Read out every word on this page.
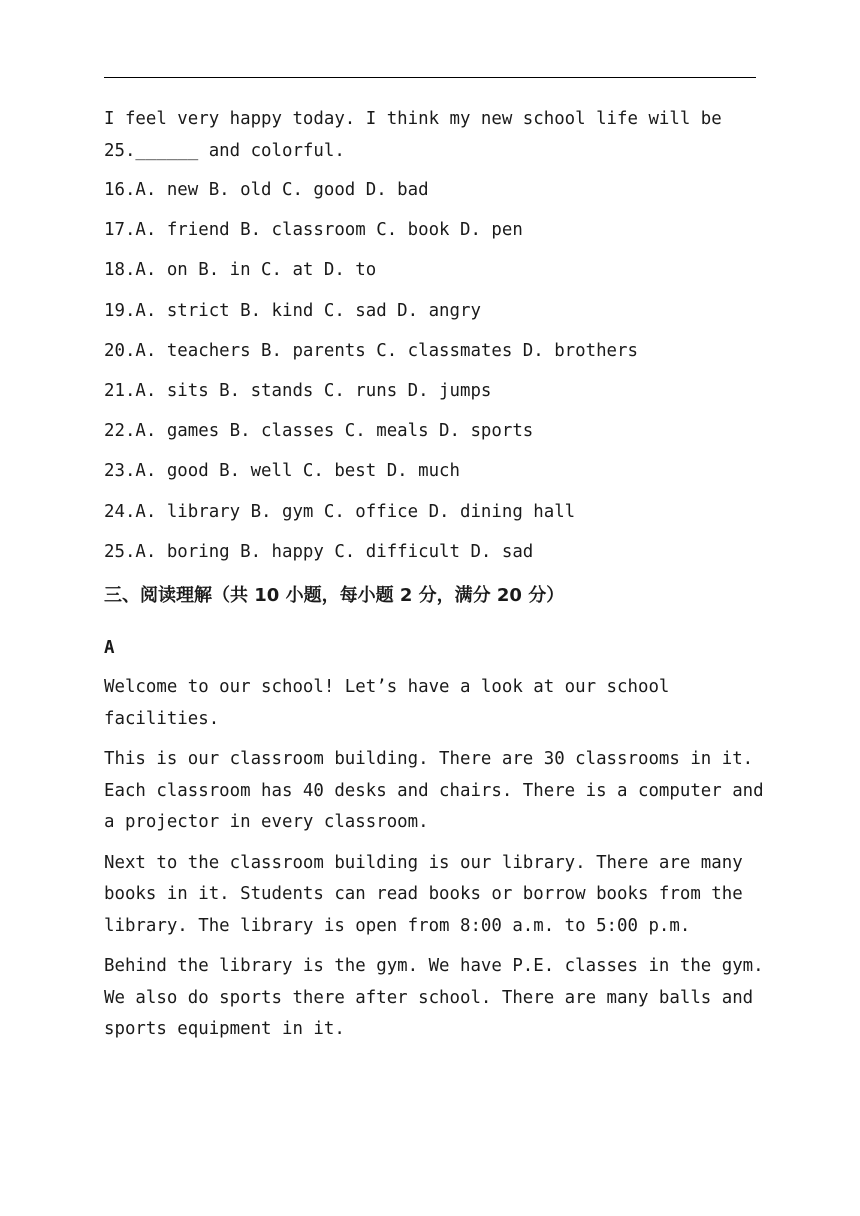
I feel very happy today. I think my new school life will be
25.______ and colorful.
16.A. new B. old C. good D. bad
17.A. friend B. classroom C. book D. pen
18.A. on B. in C. at D. to
19.A. strict B. kind C. sad D. angry
20.A. teachers B. parents C. classmates D. brothers
21.A. sits B. stands C. runs D. jumps
22.A. games B. classes C. meals D. sports
23.A. good B. well C. best D. much
24.A. library B. gym C. office D. dining hall
25.A. boring B. happy C. difficult D. sad
三、阅读理解（共 10 小题，每小题 2 分，满分 20 分）
A
Welcome to our school! Let’s have a look at our school
facilities.
This is our classroom building. There are 30 classrooms in it.
Each classroom has 40 desks and chairs. There is a computer and
a projector in every classroom.
Next to the classroom building is our library. There are many
books in it. Students can read books or borrow books from the
library. The library is open from 8:00 a.m. to 5:00 p.m.
Behind the library is the gym. We have P.E. classes in the gym.
We also do sports there after school. There are many balls and
sports equipment in it.
